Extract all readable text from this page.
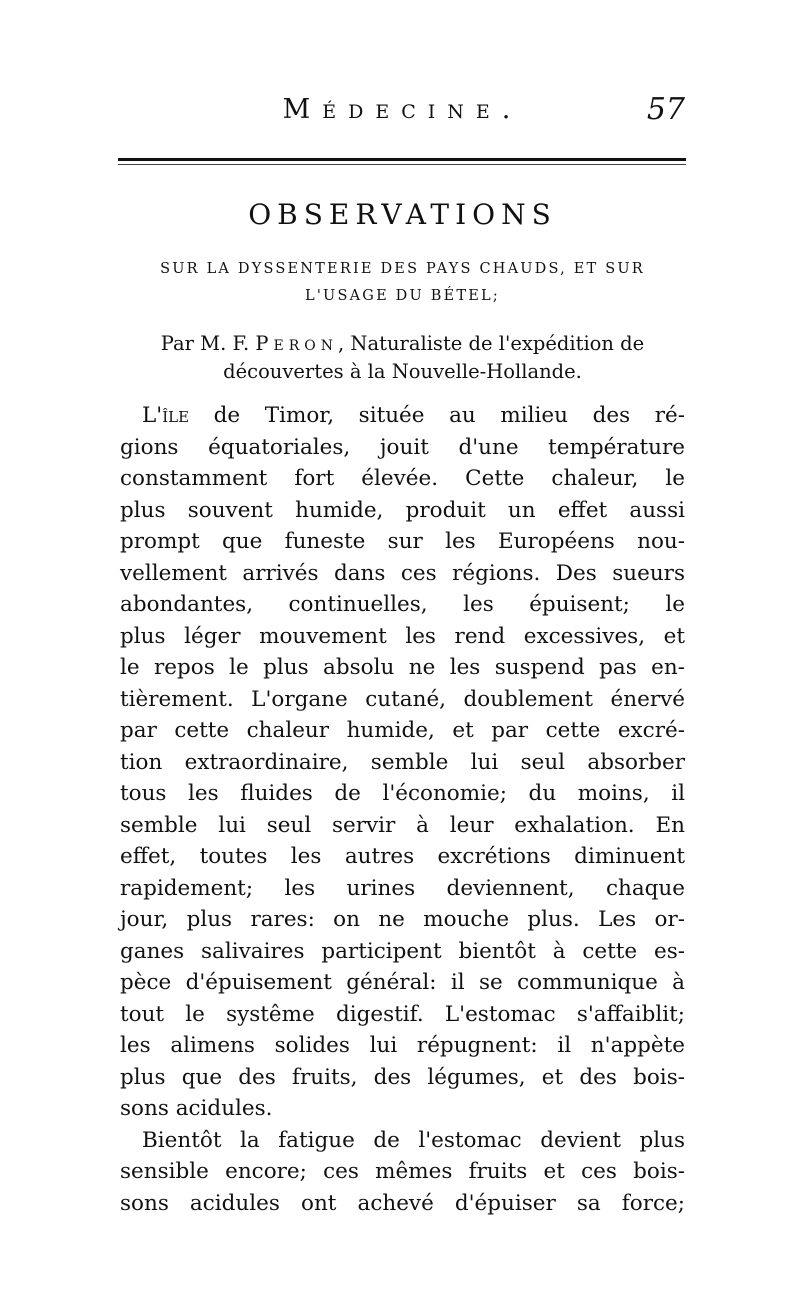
Médecine.	57
OBSERVATIONS
SUR LA DYSSENTERIE DES PAYS CHAUDS, ET SUR
L'USAGE DU BÉTEL;
Par M. F. Peron, Naturaliste de l'expédition de
découvertes à la Nouvelle-Hollande.
L'île de Timor, située au milieu des ré-
gions équatoriales, jouit d'une température
constamment fort élevée. Cette chaleur, le
plus souvent humide, produit un effet aussi
prompt que funeste sur les Européens nou-
vellement arrivés dans ces régions. Des sueurs
abondantes, continuelles, les épuisent; le
plus léger mouvement les rend excessives, et
le repos le plus absolu ne les suspend pas en-
tièrement. L'organe cutané, doublement énervé
par cette chaleur humide, et par cette excré-
tion extraordinaire, semble lui seul absorber
tous les fluides de l'économie; du moins, il
semble lui seul servir à leur exhalation. En
effet, toutes les autres excrétions diminuent
rapidement; les urines deviennent, chaque
jour, plus rares: on ne mouche plus. Les or-
ganes salivaires participent bientôt à cette es-
pèce d'épuisement général: il se communique à
tout le systême digestif. L'estomac s'affaiblit;
les alimens solides lui répugnent: il n'appète
plus que des fruits, des légumes, et des bois-
sons acidules.
Bientôt la fatigue de l'estomac devient plus
sensible encore; ces mêmes fruits et ces bois-
sons acidules ont achevé d'épuiser sa force;
